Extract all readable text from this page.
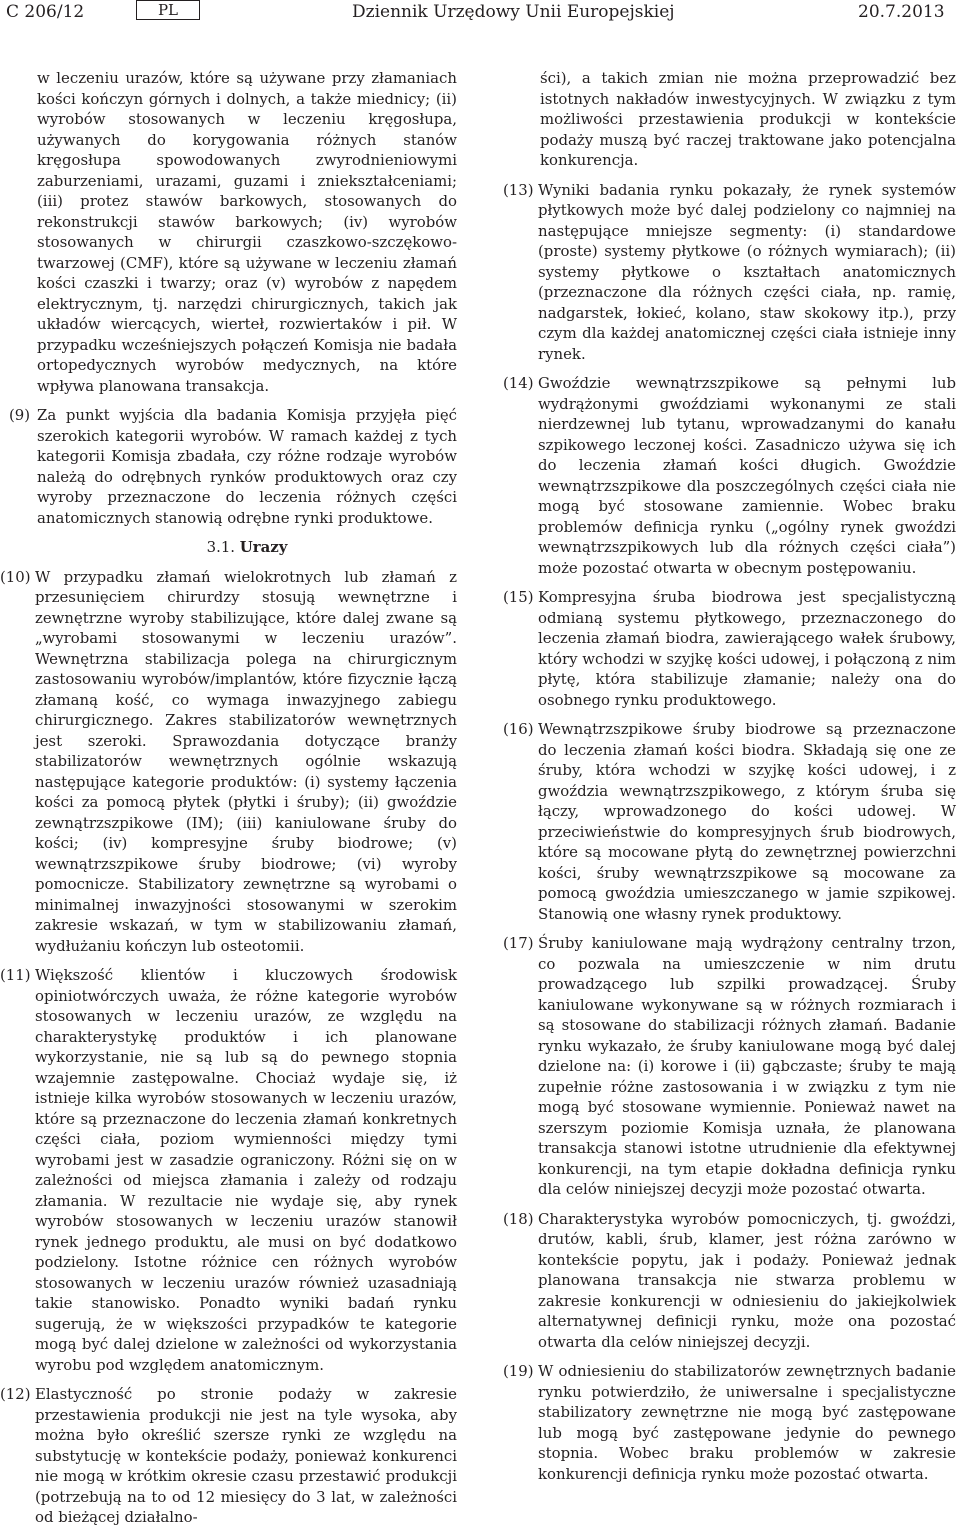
C 206/12	PL	Dziennik Urzędowy Unii Europejskiej	20.7.2013

w leczeniu urazów, które są używane przy złamaniach kości kończyn górnych i dolnych, a także miednicy; (ii) wyrobów stosowanych w leczeniu kręgosłupa, używanych do korygowania różnych stanów kręgosłupa spowodowanych zwyrodnieniowymi zaburzeniami, urazami, guzami i zniekształceniami; (iii) protez stawów barkowych, stosowanych do rekonstrukcji stawów barkowych; (iv) wyrobów stosowanych w chirurgii czaszkowo-szczękowo-twarzowej (CMF), które są używane w leczeniu złamań kości czaszki i twarzy; oraz (v) wyrobów z napędem elektrycznym, tj. narzędzi chirurgicznych, takich jak układów wiercących, wierteł, rozwiertaków i pił. W przypadku wcześniejszych połączeń Komisja nie badała ortopedycznych wyrobów medycznych, na które wpływa planowana transakcja.

(9) Za punkt wyjścia dla badania Komisja przyjęła pięć szerokich kategorii wyrobów. W ramach każdej z tych kategorii Komisja zbadała, czy różne rodzaje wyrobów należą do odrębnych rynków produktowych oraz czy wyroby przeznaczone do leczenia różnych części anatomicznych stanowią odrębne rynki produktowe.
3.1. Urazy
(10) W przypadku złamań wielokrotnych lub złamań z przesunięciem chirurdzy stosują wewnętrzne i zewnętrzne wyroby stabilizujące, które dalej zwane są „wyrobami stosowanymi w leczeniu urazów”. Wewnętrzna stabilizacja polega na chirurgicznym zastosowaniu wyrobów/implantów, które fizycznie łączą złamaną kość, co wymaga inwazyjnego zabiegu chirurgicznego. Zakres stabilizatorów wewnętrznych jest szeroki. Sprawozdania dotyczące branży stabilizatorów wewnętrznych ogólnie wskazują następujące kategorie produktów: (i) systemy łączenia kości za pomocą płytek (płytki i śruby); (ii) gwoździe zewnątrzszpikowe (IM); (iii) kaniulowane śruby do kości; (iv) kompresyjne śruby biodrowe; (v) wewnątrzszpikowe śruby biodrowe; (vi) wyroby pomocnicze. Stabilizatory zewnętrzne są wyrobami o minimalnej inwazyjności stosowanymi w szerokim zakresie wskazań, w tym w stabilizowaniu złamań, wydłużaniu kończyn lub osteotomii.
(11) Większość klientów i kluczowych środowisk opiniotwórczych uważa, że różne kategorie wyrobów stosowanych w leczeniu urazów, ze względu na charakterystykę produktów i ich planowane wykorzystanie, nie są lub są do pewnego stopnia wzajemnie zastępowalne. Chociaż wydaje się, iż istnieje kilka wyrobów stosowanych w leczeniu urazów, które są przeznaczone do leczenia złamań konkretnych części ciała, poziom wymienności między tymi wyrobami jest w zasadzie ograniczony. Różni się on w zależności od miejsca złamania i zależy od rodzaju złamania. W rezultacie nie wydaje się, aby rynek wyrobów stosowanych w leczeniu urazów stanowił rynek jednego produktu, ale musi on być dodatkowo podzielony. Istotne różnice cen różnych wyrobów stosowanych w leczeniu urazów również uzasadniają takie stanowisko. Ponadto wyniki badań rynku sugerują, że w większości przypadków te kategorie mogą być dalej dzielone w zależności od wykorzystania wyrobu pod względem anatomicznym.
(12) Elastyczność po stronie podaży w zakresie przestawienia produkcji nie jest na tyle wysoka, aby można było określić szersze rynki ze względu na substytucję w kontekście podaży, ponieważ konkurenci nie mogą w krótkim okresie czasu przestawić produkcji (potrzebują na to od 12 miesięcy do 3 lat, w zależności od bieżącej działalno-

ści), a takich zmian nie można przeprowadzić bez istotnych nakładów inwestycyjnych. W związku z tym możliwości przestawienia produkcji w kontekście podaży muszą być raczej traktowane jako potencjalna konkurencja.

(13) Wyniki badania rynku pokazały, że rynek systemów płytkowych może być dalej podzielony co najmniej na następujące mniejsze segmenty: (i) standardowe (proste) systemy płytkowe (o różnych wymiarach); (ii) systemy płytkowe o kształtach anatomicznych (przeznaczone dla różnych części ciała, np. ramię, nadgarstek, łokieć, kolano, staw skokowy itp.), przy czym dla każdej anatomicznej części ciała istnieje inny rynek.
(14) Gwoździe wewnątrzszpikowe są pełnymi lub wydrążonymi gwoździami wykonanymi ze stali nierdzewnej lub tytanu, wprowadzanymi do kanału szpikowego leczonej kości. Zasadniczo używa się ich do leczenia złamań kości długich. Gwoździe wewnątrzszpikowe dla poszczególnych części ciała nie mogą być stosowane zamiennie. Wobec braku problemów definicja rynku („ogólny rynek gwoździ wewnątrzszpikowych lub dla różnych części ciała”) może pozostać otwarta w obecnym postępowaniu.
(15) Kompresyjna śruba biodrowa jest specjalistyczną odmianą systemu płytkowego, przeznaczonego do leczenia złamań biodra, zawierającego wałek śrubowy, który wchodzi w szyjkę kości udowej, i połączoną z nim płytę, która stabilizuje złamanie; należy ona do osobnego rynku produktowego.
(16) Wewnątrzszpikowe śruby biodrowe są przeznaczone do leczenia złamań kości biodra. Składają się one ze śruby, która wchodzi w szyjkę kości udowej, i z gwoździa wewnątrzszpikowego, z którym śruba się łączy, wprowadzonego do kości udowej. W przeciwieństwie do kompresyjnych śrub biodrowych, które są mocowane płytą do zewnętrznej powierzchni kości, śruby wewnątrzszpikowe są mocowane za pomocą gwoździa umieszczanego w jamie szpikowej. Stanowią one własny rynek produktowy.
(17) Śruby kaniulowane mają wydrążony centralny trzon, co pozwala na umieszczenie w nim drutu prowadzącego lub szpilki prowadzącej. Śruby kaniulowane wykonywane są w różnych rozmiarach i są stosowane do stabilizacji różnych złamań. Badanie rynku wykazało, że śruby kaniulowane mogą być dalej dzielone na: (i) korowe i (ii) gąbczaste; śruby te mają zupełnie różne zastosowania i w związku z tym nie mogą być stosowane wymiennie. Ponieważ nawet na szerszym poziomie Komisja uznała, że planowana transakcja stanowi istotne utrudnienie dla efektywnej konkurencji, na tym etapie dokładna definicja rynku dla celów niniejszej decyzji może pozostać otwarta.
(18) Charakterystyka wyrobów pomocniczych, tj. gwoździ, drutów, kabli, śrub, klamer, jest różna zarówno w kontekście popytu, jak i podaży. Ponieważ jednak planowana transakcja nie stwarza problemu w zakresie konkurencji w odniesieniu do jakiejkolwiek alternatywnej definicji rynku, może ona pozostać otwarta dla celów niniejszej decyzji.
(19) W odniesieniu do stabilizatorów zewnętrznych badanie rynku potwierdziło, że uniwersalne i specjalistyczne stabilizatory zewnętrzne nie mogą być zastępowane lub mogą być zastępowane jedynie do pewnego stopnia. Wobec braku problemów w zakresie konkurencji definicja rynku może pozostać otwarta.
